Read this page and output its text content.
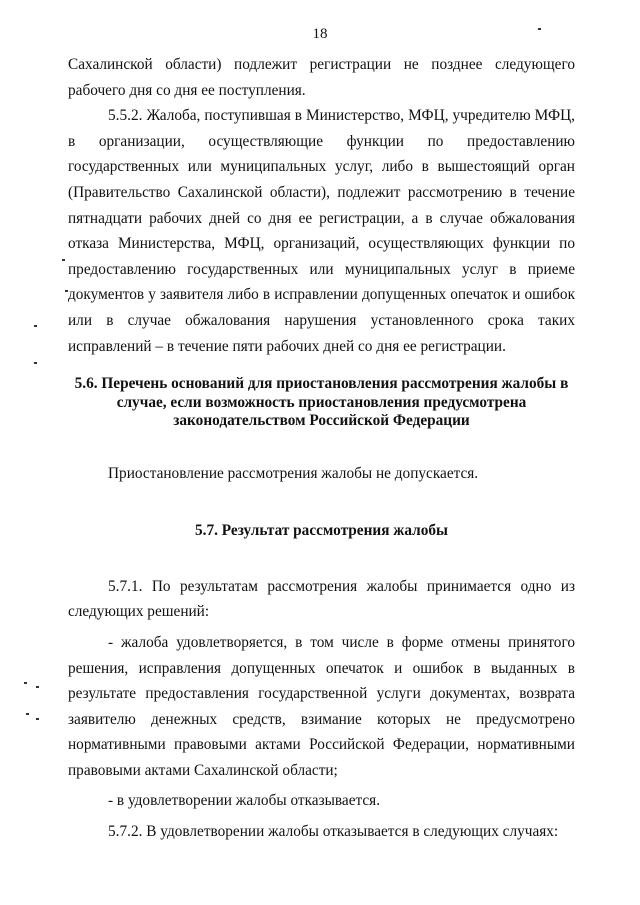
18

Сахалинской области) подлежит регистрации не позднее следующего рабочего дня со дня ее поступления.

5.5.2. Жалоба, поступившая в Министерство, МФЦ, учредителю МФЦ, в организации, осуществляющие функции по предоставлению государственных или муниципальных услуг, либо в вышестоящий орган (Правительство Сахалинской области), подлежит рассмотрению в течение пятнадцати рабочих дней со дня ее регистрации, а в случае обжалования отказа Министерства, МФЦ, организаций, осуществляющих функции по предоставлению государственных или муниципальных услуг в приеме документов у заявителя либо в исправлении допущенных опечаток и ошибок или в случае обжалования нарушения установленного срока таких исправлений – в течение пяти рабочих дней со дня ее регистрации.

5.6. Перечень оснований для приостановления рассмотрения жалобы в случае, если возможность приостановления предусмотрена законодательством Российской Федерации

Приостановление рассмотрения жалобы не допускается.

5.7. Результат рассмотрения жалобы

5.7.1. По результатам рассмотрения жалобы принимается одно из следующих решений:

- жалоба удовлетворяется, в том числе в форме отмены принятого решения, исправления допущенных опечаток и ошибок в выданных в результате предоставления государственной услуги документах, возврата заявителю денежных средств, взимание которых не предусмотрено нормативными правовыми актами Российской Федерации, нормативными правовыми актами Сахалинской области;

- в удовлетворении жалобы отказывается.

5.7.2. В удовлетворении жалобы отказывается в следующих случаях:
